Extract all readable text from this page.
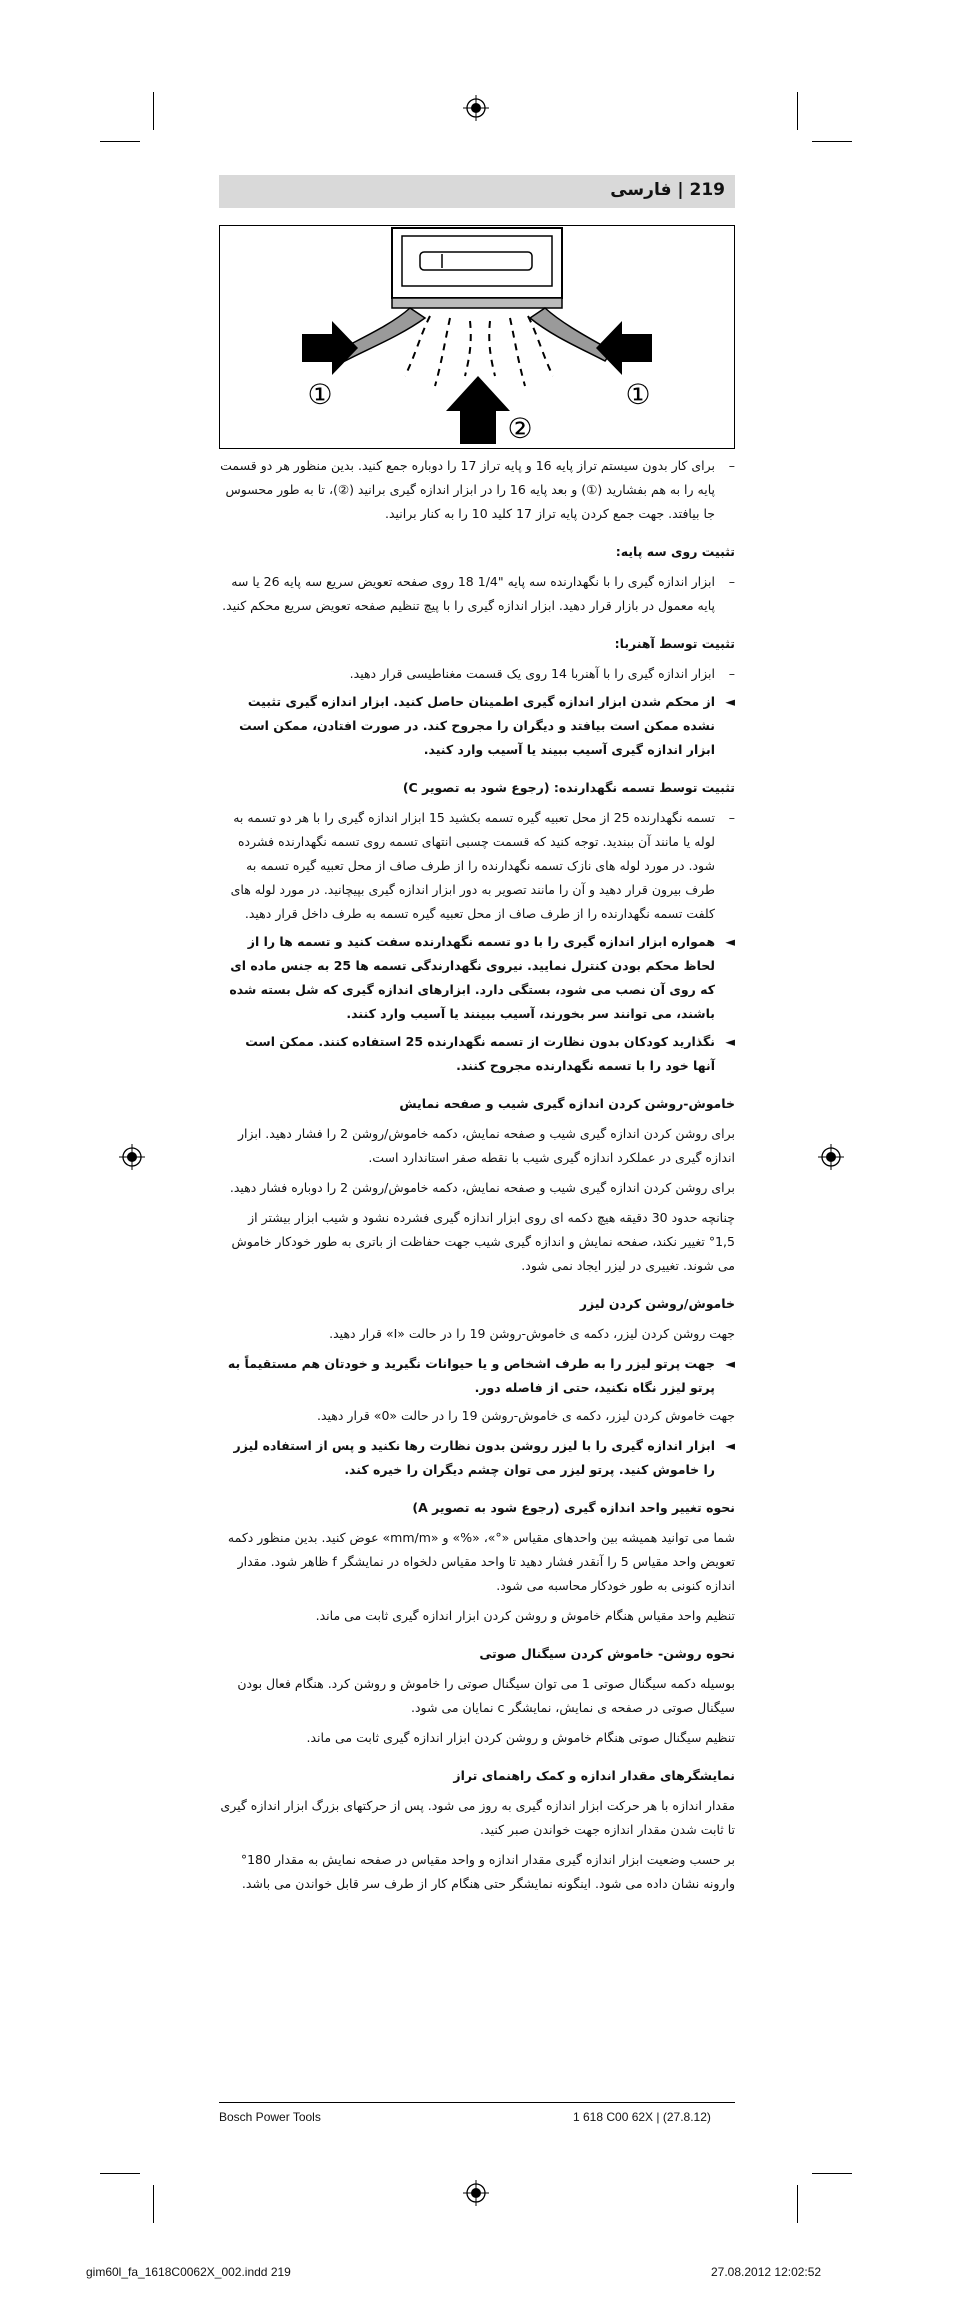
219 | فارسی
①	①
②

–
برای کار بدون سیستم تراز پایه 16 و پایه تراز 17 را دوباره جمع کنید. بدین منظور هر دو قسمت پایه را به هم بفشارید (①) و بعد پایه 16 را در ابزار اندازه گیری برانید (②)، تا به طور محسوس جا بیافتد. جهت جمع کردن پایه تراز 17 کلید 10 را به کنار برانید.

تثبیت روی سه پایه:

–
ابزار اندازه گیری را با نگهدارنده سه پایه "1/4 18 روی صفحه تعویض سریع سه پایه 26 یا سه پایه معمول در بازار قرار دهید. ابزار اندازه گیری را با پیچ تنظیم صفحه تعویض سریع محکم کنید.

تثبیت توسط آهنربا:

–
ابزار اندازه گیری را با آهنربا 14 روی یک قسمت مغناطیسی قرار دهید.

◄
از محکم شدن ابزار اندازه گیری اطمینان حاصل کنید. ابزار اندازه گیری تثبیت نشده ممکن است بیافتد و دیگران را مجروح کند. در صورت افتادن، ممکن است ابزار اندازه گیری آسیب ببیند یا آسیب وارد کنید.

تثبیت توسط تسمه نگهدارنده: (رجوع شود به تصویر C)

–
تسمه نگهدارنده 25 از محل تعبیه گیره تسمه بکشید 15 ابزار اندازه گیری را با هر دو تسمه به لوله یا مانند آن ببندید. توجه کنید که قسمت چسبی انتهای تسمه روی تسمه نگهدارنده فشرده شود. در مورد لوله های نازک تسمه نگهدارنده را از طرف صاف از محل تعبیه گیره تسمه به طرف بیرون قرار دهید و آن را مانند تصویر به دور ابزار اندازه گیری بپیچانید. در مورد لوله های کلفت تسمه نگهدارنده را از طرف صاف از محل تعبیه گیره تسمه به طرف داخل قرار دهید.

◄
همواره ابزار اندازه گیری را با دو تسمه نگهدارنده سفت کنید و تسمه ها را از لحاظ محکم بودن کنترل نمایید. نیروی نگهدارندگی تسمه ها 25 به جنس ماده ای که روی آن نصب می شود، بستگی دارد. ابزارهای اندازه گیری که شل بسته شده باشند، می توانند سر بخورند، آسیب ببینند یا آسیب وارد کنند.

◄
نگذارید کودکان بدون نظارت از تسمه نگهدارنده 25 استفاده کنند. ممکن است آنها خود را با تسمه نگهدارنده مجروح کنند.

خاموش-روشن کردن اندازه گیری شیب و صفحه نمایش

برای روشن کردن اندازه گیری شیب و صفحه نمایش، دکمه خاموش/روشن 2 را فشار دهید. ابزار اندازه گیری در عملکرد اندازه گیری شیب با نقطه صفر استاندارد است.

برای روشن کردن اندازه گیری شیب و صفحه نمایش، دکمه خاموش/روشن 2 را دوباره فشار دهید.

چنانچه حدود 30 دقیقه هیچ دکمه ای روی ابزار اندازه گیری فشرده نشود و شیب ابزار بیشتر از 1,5° تغییر نکند، صفحه نمایش و اندازه گیری شیب جهت حفاظت از باتری به طور خودکار خاموش می شوند. تغییری در لیزر ایجاد نمی شود.

خاموش/روشن کردن لیزر

جهت روشن کردن لیزر، دکمه ی خاموش-روشن 19 را در حالت «I» قرار دهید.

◄
جهت پرتو لیزر را به طرف اشخاص و یا حیوانات نگیرید و خودتان هم مستقیماً به پرتو لیزر نگاه نکنید، حتی از فاصله دور.

جهت خاموش کردن لیزر، دکمه ی خاموش-روشن 19 را در حالت «0» قرار دهید.

◄
ابزار اندازه گیری را با لیزر روشن بدون نظارت رها نکنید و پس از استفاده لیزر را خاموش کنید. پرتو لیزر می توان چشم دیگران را خیره کند.

نحوه تغییر واحد اندازه گیری (رجوع شود به تصویر A)

شما می توانید همیشه بین واحدهای مقیاس «°»، «%» و «mm/m» عوض کنید. بدین منظور دکمه تعویض واحد مقیاس 5 را آنقدر فشار دهید تا واحد مقیاس دلخواه در نمایشگر f ظاهر شود. مقدار اندازه کنونی به طور خودکار محاسبه می شود.

تنظیم واحد مقیاس هنگام خاموش و روشن کردن ابزار اندازه گیری ثابت می ماند.

نحوه روشن- خاموش کردن سیگنال صوتی

بوسیله دکمه سیگنال صوتی 1 می توان سیگنال صوتی را خاموش و روشن کرد. هنگام فعال بودن سیگنال صوتی در صفحه ی نمایش، نمایشگر c نمایان می شود.

تنظیم سیگنال صوتی هنگام خاموش و روشن کردن ابزار اندازه گیری ثابت می ماند.

نمایشگرهای مقدار اندازه و کمک راهنمای تراز

مقدار اندازه با هر حرکت ابزار اندازه گیری به روز می شود. پس از حرکتهای بزرگ ابزار اندازه گیری تا ثابت شدن مقدار اندازه جهت خواندن صبر کنید.

بر حسب وضعیت ابزار اندازه گیری مقدار اندازه و واحد مقیاس در صفحه نمایش به مقدار 180° وارونه نشان داده می شود. اینگونه نمایشگر حتی هنگام کار از طرف سر قابل خواندن می باشد.

Bosch Power Tools	1 618 C00 62X | (27.8.12)
gim60l_fa_1618C0062X_002.indd 219	27.08.2012 12:02:52
